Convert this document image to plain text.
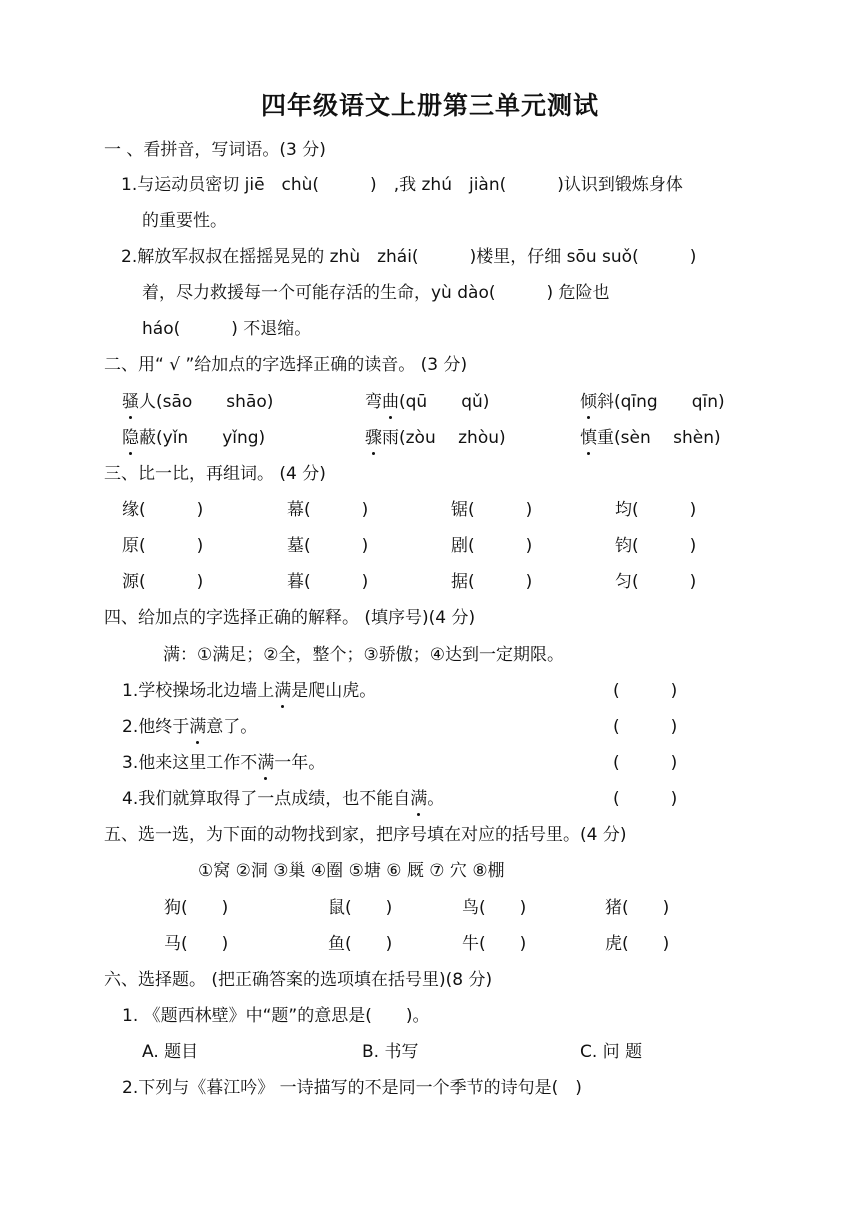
四年级语文上册第三单元测试
一 、看拼音，写词语。(3 分)
1.与运动员密切 jiē　chù(　　　)　,我 zhú　jiàn(　　　)认识到锻炼身体
的重要性。
2.解放军叔叔在摇摇晃晃的 zhù　zhái(　　　)楼里，仔细 sōu suǒ(　　　)
着，尽力救援每一个可能存活的生命，yù dào(　　　) 危险也
háo(　　　) 不退缩。
二、用“ √ ”给加点的字选择正确的读音。 (3 分)
骚人(sāo　　shāo)	弯曲(qū　　qǔ)	倾斜(qīng　　qīn)
隐蔽(yǐn　　yǐng)	骤雨(zòu　 zhòu)	慎重(sèn　 shèn)
三、比一比，再组词。 (4 分)
缘(　　　)	幕(　　　)	锯(　　　)	均(　　　)
原(　　　)	墓(　　　)	剧(　　　)	钧(　　　)
源(　　　)	暮(　　　)	据(　　　)	匀(　　　)
四、给加点的字选择正确的解释。 (填序号)(4 分)
满：①满足；②全，整个；③骄傲；④达到一定期限。
1.学校操场北边墙上满是爬山虎。	(　　　)
2.他终于满意了。	(　　　)
3.他来这里工作不满一年。	(　　　)
4.我们就算取得了一点成绩，也不能自满。	(　　　)
五、选一选，为下面的动物找到家，把序号填在对应的括号里。(4 分)
①窝 ②洞 ③巢 ④圈 ⑤塘 ⑥ 厩 ⑦ 穴 ⑧棚
狗(　　)	鼠(　　)	鸟(　　)	猪(　　)
马(　　)	鱼(　　)	牛(　　)	虎(　　)
六、选择题。 (把正确答案的选项填在括号里)(8 分)
1. 《题西林壁》中“题”的意思是(　　)。
A. 题目	B. 书写	C. 问 题
2.下列与《暮江吟》 一诗描写的不是同一个季节的诗句是(　)
